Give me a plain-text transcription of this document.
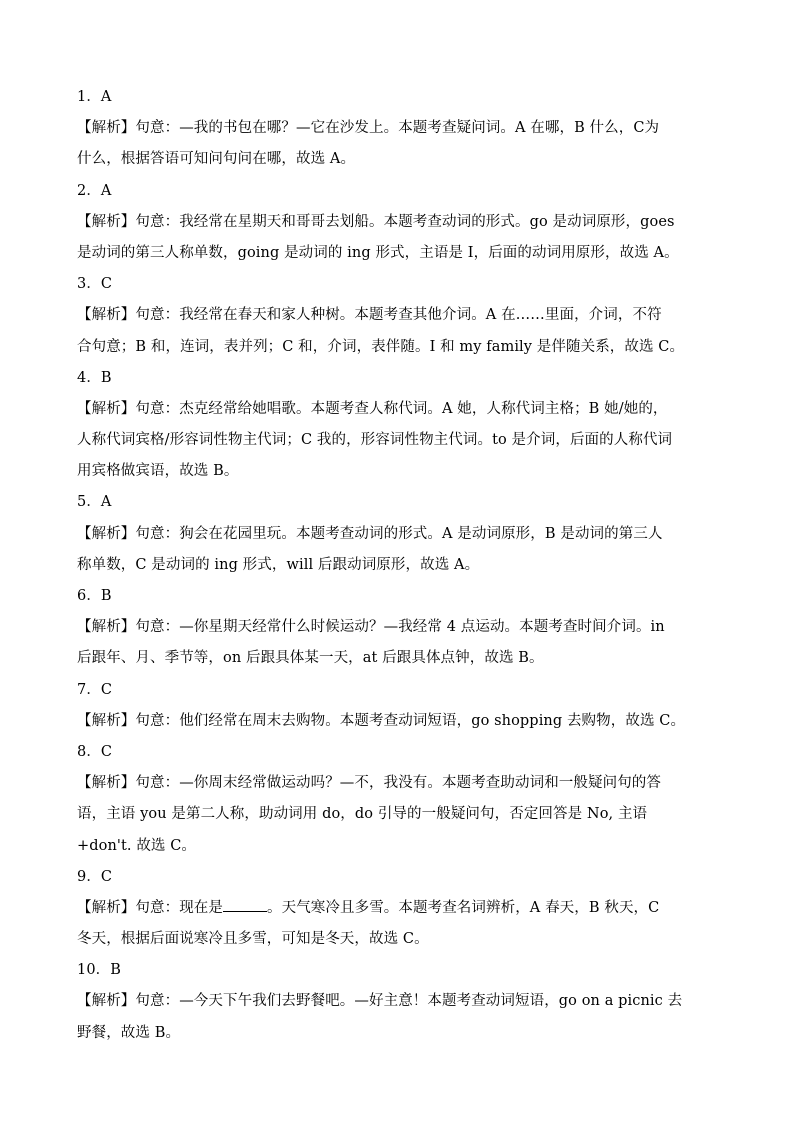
1．A
【解析】句意：—我的书包在哪？—它在沙发上。本题考查疑问词。A 在哪，B 什么，C为
什么，根据答语可知问句问在哪，故选 A。
2．A
【解析】句意：我经常在星期天和哥哥去划船。本题考查动词的形式。go 是动词原形，goes
是动词的第三人称单数，going 是动词的 ing 形式，主语是 I，后面的动词用原形，故选 A。
3．C
【解析】句意：我经常在春天和家人种树。本题考查其他介词。A 在……里面，介词，不符
合句意；B 和，连词，表并列；C 和，介词，表伴随。I 和 my family 是伴随关系，故选 C。
4．B
【解析】句意：杰克经常给她唱歌。本题考查人称代词。A 她，人称代词主格；B 她/她的，
人称代词宾格/形容词性物主代词；C 我的，形容词性物主代词。to 是介词，后面的人称代词
用宾格做宾语，故选 B。
5．A
【解析】句意：狗会在花园里玩。本题考查动词的形式。A 是动词原形，B 是动词的第三人
称单数，C 是动词的 ing 形式，will 后跟动词原形，故选 A。
6．B
【解析】句意：—你星期天经常什么时候运动？—我经常 4 点运动。本题考查时间介词。in
后跟年、月、季节等，on 后跟具体某一天，at 后跟具体点钟，故选 B。
7．C
【解析】句意：他们经常在周末去购物。本题考查动词短语，go shopping 去购物，故选 C。
8．C
【解析】句意：—你周末经常做运动吗？—不，我没有。本题考查助动词和一般疑问句的答
语，主语 you 是第二人称，助动词用 do，do 引导的一般疑问句，否定回答是 No, 主语
+don't. 故选 C。
9．C
【解析】句意：现在是	。天气寒冷且多雪。本题考查名词辨析，A 春天，B 秋天，C
冬天，根据后面说寒冷且多雪，可知是冬天，故选 C。
10．B
【解析】句意：—今天下午我们去野餐吧。—好主意！本题考查动词短语，go on a picnic 去
野餐，故选 B。
